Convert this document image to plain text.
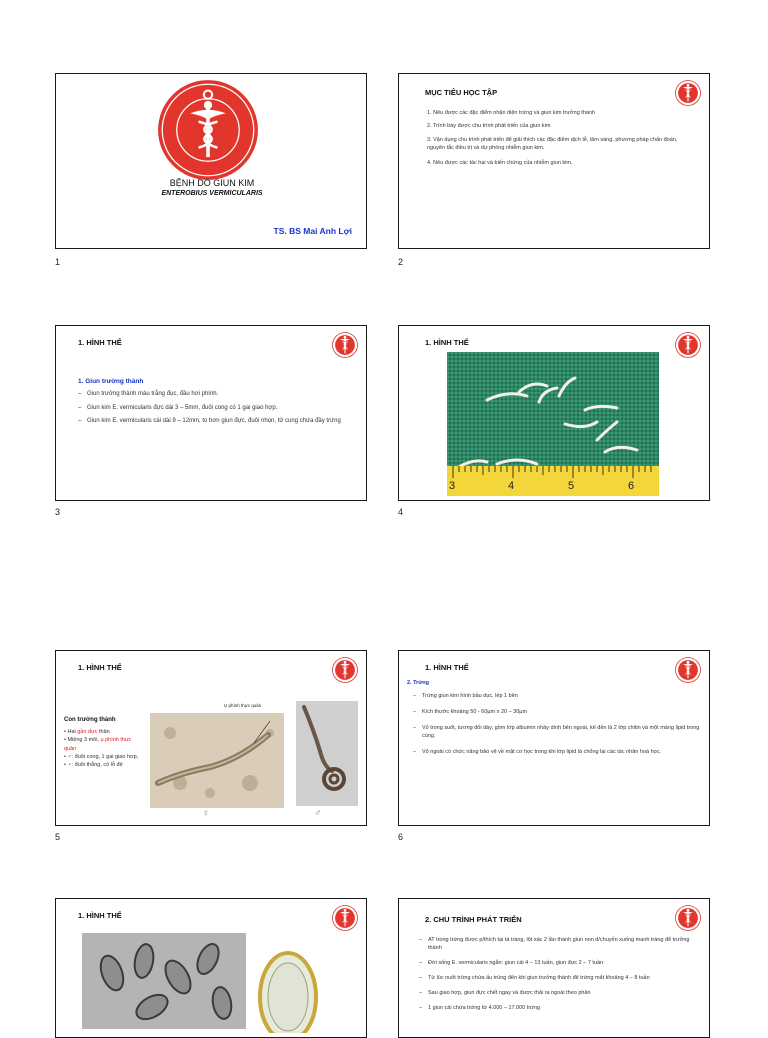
BỆNH DO GIUN KIM
ENTEROBIUS VERMICULARIS
TS. BS Mai Anh Lợi
1
MỤC TIÊU HỌC TẬP
1. Nêu được các đặc điểm nhận diện trứng và giun kim trưởng thành
2. Trình bày được chu trình phát triển của giun kim
3. Vận dụng chu trình phát triển để giải thích các đặc điểm dịch tễ, lâm sàng, phương pháp chẩn đoán, nguyên tắc điều trị và dự phòng nhiễm giun kim.
4. Nêu được các tác hại và biến chứng của nhiễm giun kim.
2
1. HÌNH THỂ
1. Giun trưởng thành
– Giun trưởng thành màu trắng đục, đầu hơi phình.
– Giun kim E. vermicularis đực dài 3 – 5mm, đuôi cong có 1 gai giao hợp.
– Giun kim E. vermicularis cái dài 9 – 12mm, to hơn giun đực, đuôi nhọn, tử cung chứa đầy trứng
3
1. HÌNH THỂ
3	4	5	6
4
1. HÌNH THỂ
Con trưởng thành
• Hai gần dực thân
• Miệng 3 môi, ụ phình thực quản
• ♂: đuôi cong, 1 gai giao hợp,
• ♀: đuôi thẳng, có lỗ đẻ
Ụ phình thực quản
♀	♂
5
1. HÌNH THỂ
2. Trứng
– Trứng giun kim hình bầu dục, lép 1 bên
– Kích thước khoảng 50 - 60µm x 20 – 30µm
– Vỏ trong suốt, tương đối dày, gồm lớp albumin nhầy dính bên ngoài, kế đến là 2 lớp chitin và một màng lipid trong cùng.
– Vỏ ngoài có chức năng bảo vệ về mặt cơ học trong khi lớp lipid là chống lại các tác nhân hoá học.
6
1. HÌNH THỂ	2. CHU TRÌNH PHÁT TRIỂN
– AT trong trứng được p/thích tại tá tràng, lột xác 2 lần thành giun non d/chuyển xuống manh tràng để trưởng thành
– Đời sống E. vermicularis ngắn: giun cái 4 – 13 tuần, giun đực 2 – 7 tuần
– Từ lúc nuốt trứng chứa ấu trùng đến khi giun trưởng thành đẻ trứng mất khoảng 4 – 8 tuần
– Sau giao hợp, giun đực chết ngay và được thải ra ngoài theo phân
– 1 giun cái chứa trứng từ 4.000 – 17.000 trứng
